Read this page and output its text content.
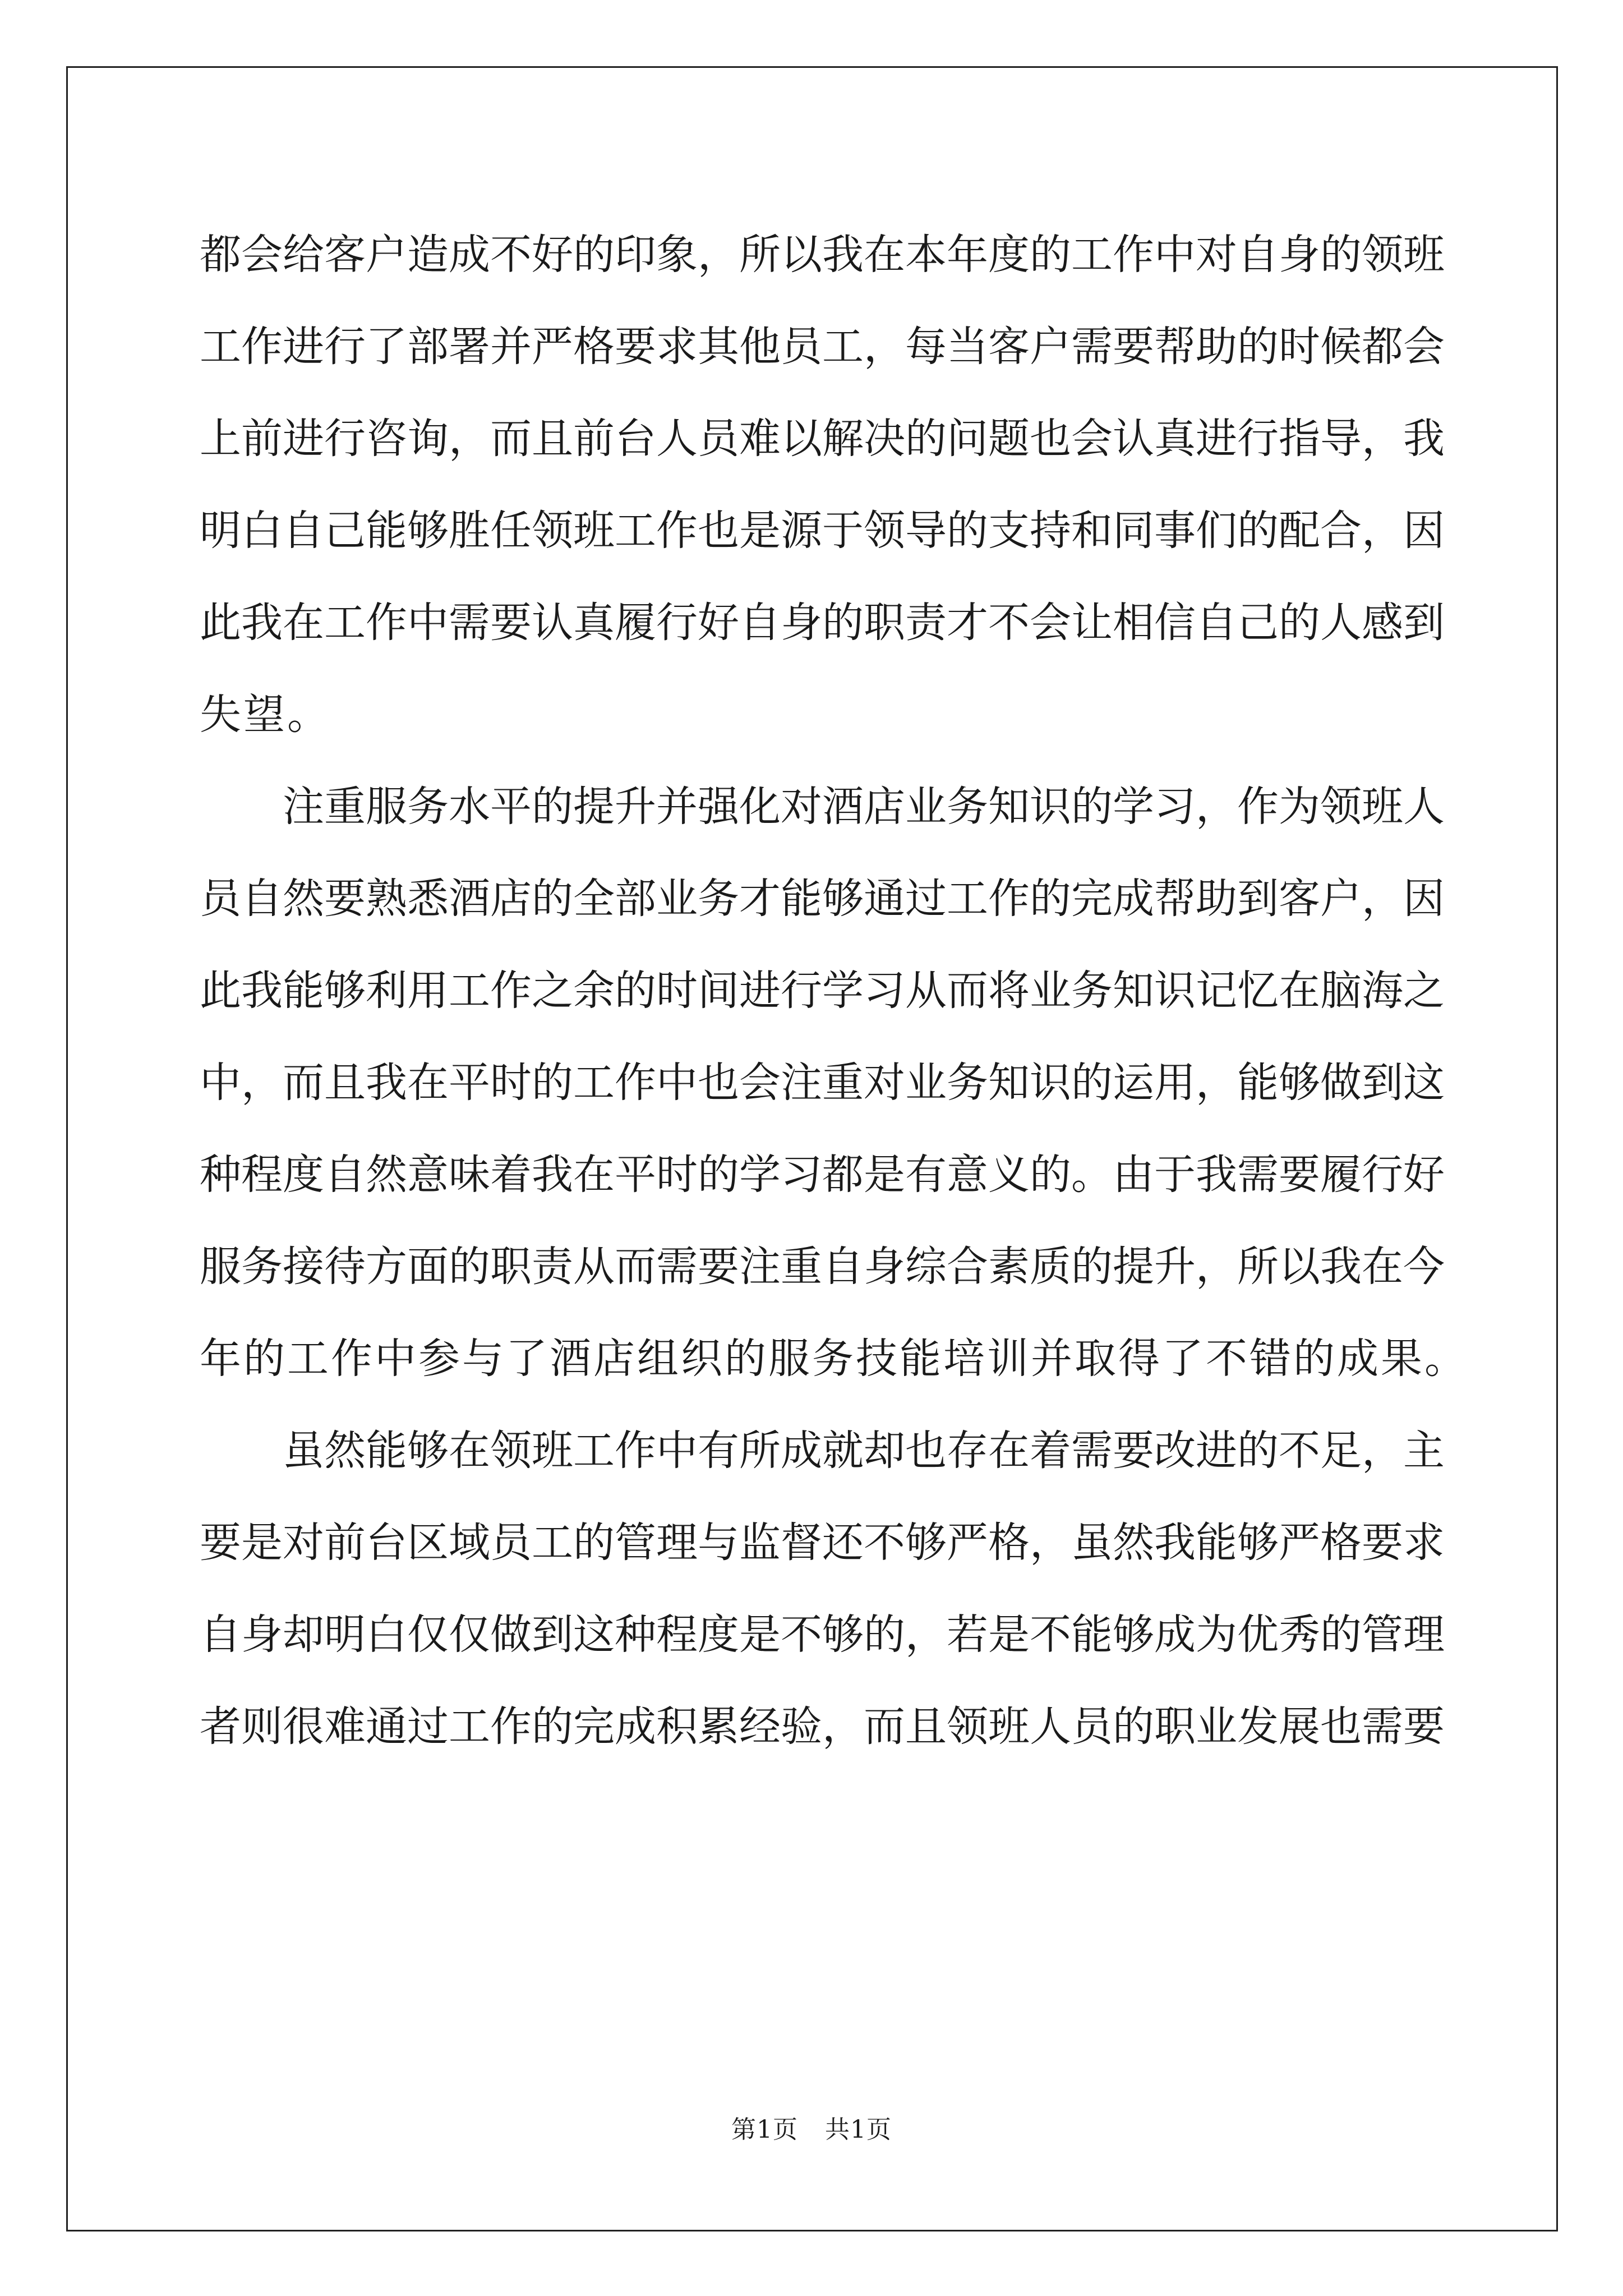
都会给客户造成不好的印象，所以我在本年度的工作中对自身的领班
工作进行了部署并严格要求其他员工，每当客户需要帮助的时候都会
上前进行咨询，而且前台人员难以解决的问题也会认真进行指导，我
明白自己能够胜任领班工作也是源于领导的支持和同事们的配合，因
此我在工作中需要认真履行好自身的职责才不会让相信自己的人感到
失望。
注重服务水平的提升并强化对酒店业务知识的学习，作为领班人
员自然要熟悉酒店的全部业务才能够通过工作的完成帮助到客户，因
此我能够利用工作之余的时间进行学习从而将业务知识记忆在脑海之
中，而且我在平时的工作中也会注重对业务知识的运用，能够做到这
种程度自然意味着我在平时的学习都是有意义的。由于我需要履行好
服务接待方面的职责从而需要注重自身综合素质的提升，所以我在今
年的工作中参与了酒店组织的服务技能培训并取得了不错的成果。
虽然能够在领班工作中有所成就却也存在着需要改进的不足，主
要是对前台区域员工的管理与监督还不够严格，虽然我能够严格要求
自身却明白仅仅做到这种程度是不够的，若是不能够成为优秀的管理
者则很难通过工作的完成积累经验，而且领班人员的职业发展也需要
第1页 共1页
